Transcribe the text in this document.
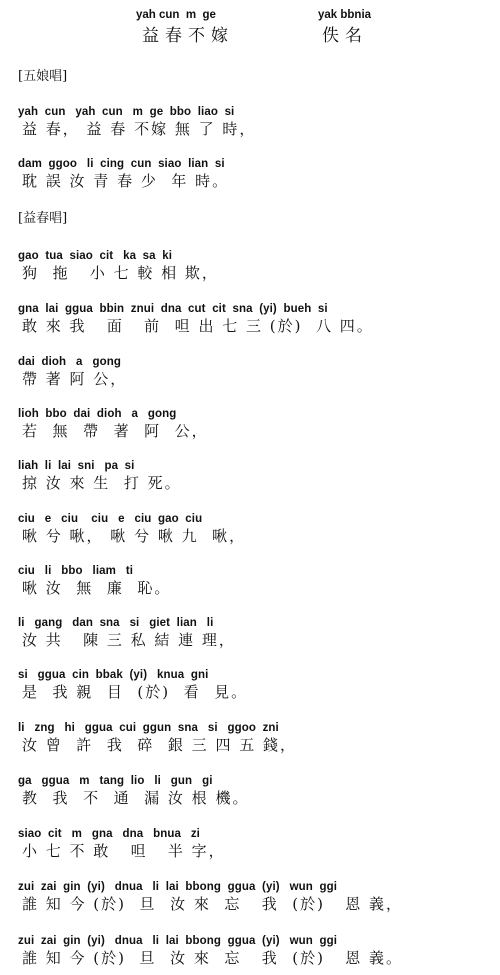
yah cun  m  ge
益春不嫁
yak bbnia
佚名
[五娘唱]
yah  cun   yah  cun   m  ge  bbo  liao  si
益 春， 益 春 不嫁 無 了 時，
dam  ggoo   li  cing  cun  siao  lian  si
耽 誤 汝 青 春 少  年 時。
[益春唱]
gao  tua  siao  cit   ka  sa  ki
狗  拖   小 七 較 相 欺，
gna  lai  ggua  bbin  znui  dna  cut  cit  sna  (yi)  bueh  si
敢 來 我   面   前  呾 出 七 三 (於)  八 四。
dai  dioh   a   gong
帶 著 阿 公，
lioh  bbo  dai  dioh   a   gong
若  無  帶  著  阿  公，
liah  li  lai  sni   pa  si
掠 汝 來 生  打 死。
ciu   e   ciu    ciu   e   ciu  gao  ciu
啾 兮 啾， 啾 兮 啾 九  啾，
ciu   li   bbo   liam   ti
啾 汝  無  廉  恥。
li   gang   dan  sna   si   giet  lian   li
汝 共   陳 三 私 結 連 理，
si   ggua  cin  bbak  (yi)   knua  gni
是  我 親  目  (於)  看  見。
li   zng   hi   ggua  cui  ggun  sna   si   ggoo  zni
汝 曾  許  我  碎  銀 三 四 五 錢，
ga   ggua   m   tang  lio   li   gun   gi
教  我  不  通  漏 汝 根 機。
siao  cit   m   gna   dna   bnua   zi
小 七 不 敢   呾   半 字，
zui  zai  gin  (yi)   dnua   li  lai  bbong  ggua  (yi)   wun  ggi
誰 知 今 (於)  旦  汝 來  忘   我  (於)   恩 義，
zui  zai  gin  (yi)   dnua   li  lai  bbong  ggua  (yi)   wun  ggi
誰 知 今 (於)  旦  汝 來  忘   我  (於)   恩 義。
